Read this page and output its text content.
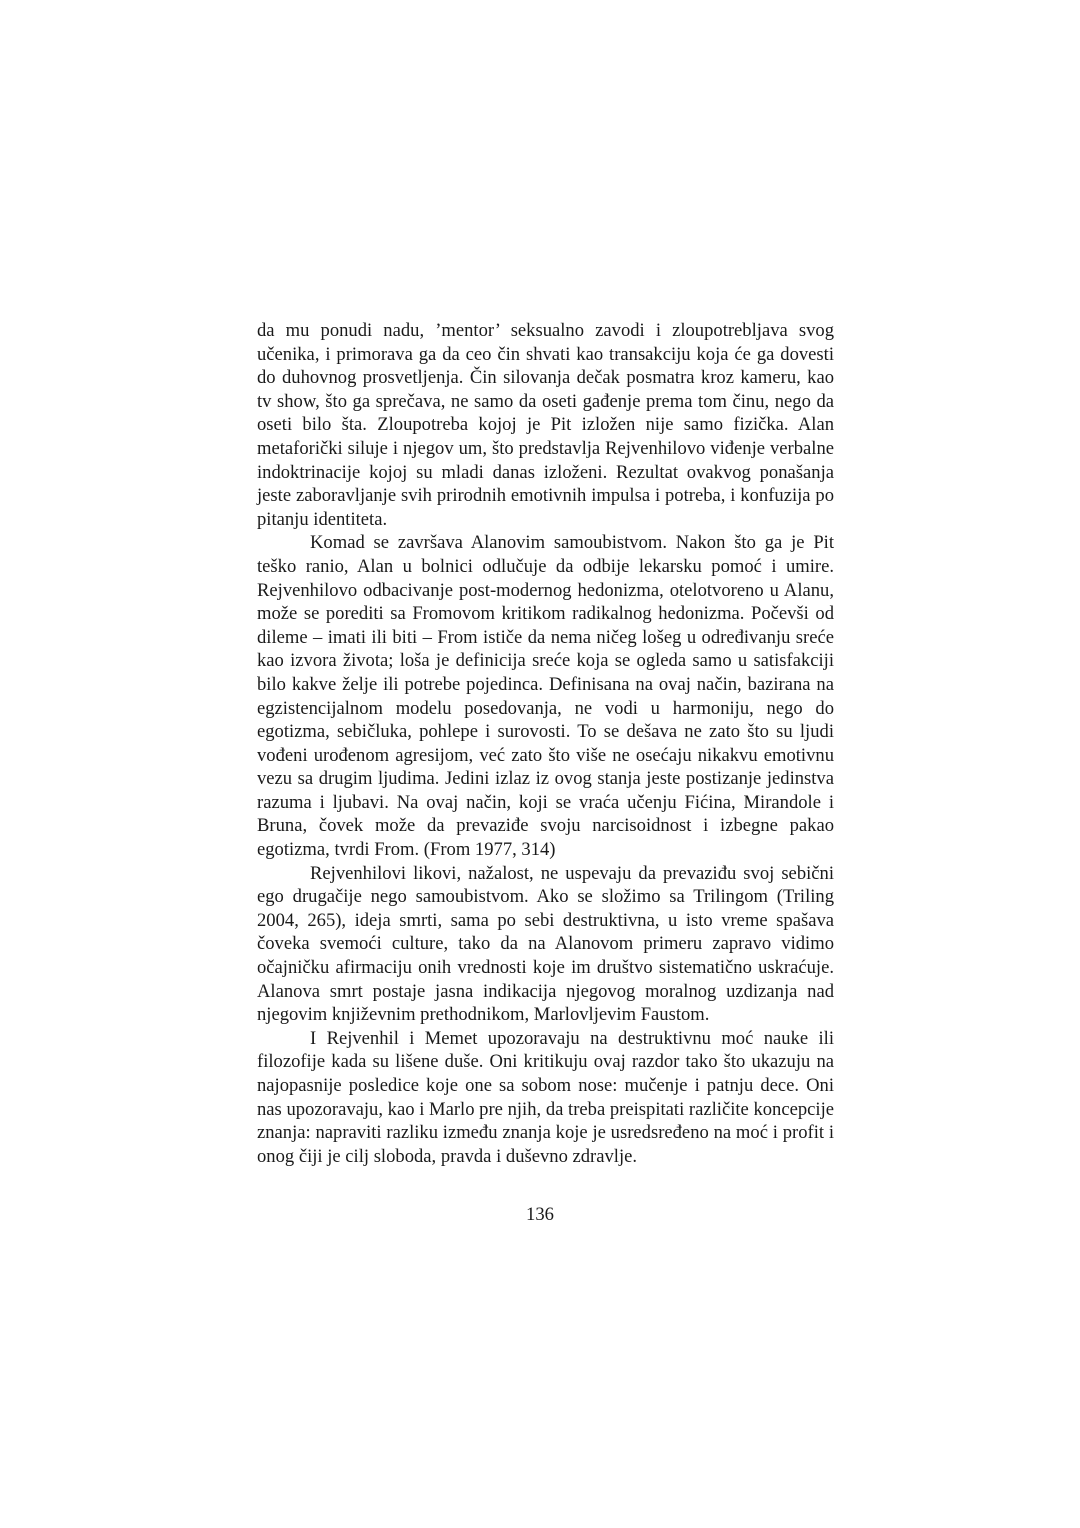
da mu ponudi nadu, ’mentor’ seksualno zavodi i zloupotrebljava svog učenika, i primorava ga da ceo čin shvati kao transakciju koja će ga dovesti do duhovnog prosvetljenja. Čin silovanja dečak posmatra kroz kameru, kao tv show, što ga sprečava, ne samo da oseti gađenje prema tom činu, nego da oseti bilo šta. Zloupotreba kojoj je Pit izložen nije samo fizička. Alan metaforički siluje i njegov um, što predstavlja Rejvenhilovo viđenje verbalne indoktrinacije kojoj su mladi danas izloženi. Rezultat ovakvog ponašanja jeste zaboravljanje svih prirodnih emotivnih impulsa i potreba, i konfuzija po pitanju identiteta.

Komad se završava Alanovim samoubistvom. Nakon što ga je Pit teško ranio, Alan u bolnici odlučuje da odbije lekarsku pomoć i umire. Rejvenhilovo odbacivanje post-modernog hedonizma, otelotvoreno u Alanu, može se porediti sa Fromovom kritikom radikalnog hedonizma. Počevši od dileme – imati ili biti – From ističe da nema ničeg lošeg u određivanju sreće kao izvora života; loša je definicija sreće koja se ogleda samo u satisfakciji bilo kakve želje ili potrebe pojedinca. Definisana na ovaj način, bazirana na egzistencijalnom modelu posedovanja, ne vodi u harmoniju, nego do egotizma, sebičluka, pohlepe i surovosti. To se dešava ne zato što su ljudi vođeni urođenom agresijom, već zato što više ne osećaju nikakvu emotivnu vezu sa drugim ljudima. Jedini izlaz iz ovog stanja jeste postizanje jedinstva razuma i ljubavi. Na ovaj način, koji se vraća učenju Fićina, Mirandole i Bruna, čovek može da prevaziđe svoju narcisoidnost i izbegne pakao egotizma, tvrdi From. (From 1977, 314)

Rejvenhilovi likovi, nažalost, ne uspevaju da prevaziđu svoj sebični ego drugačije nego samoubistvom. Ako se složimo sa Trilingom (Triling 2004, 265), ideja smrti, sama po sebi destruktivna, u isto vreme spašava čoveka svemoći culture, tako da na Alanovom primeru zapravo vidimo očajničku afirmaciju onih vrednosti koje im društvo sistematično uskraćuje. Alanova smrt postaje jasna indikacija njegovog moralnog uzdizanja nad njegovim književnim prethodnikom, Marlovljevim Faustom.

I Rejvenhil i Memet upozoravaju na destruktivnu moć nauke ili filozofije kada su lišene duše. Oni kritikuju ovaj razdor tako što ukazuju na najopasnije posledice koje one sa sobom nose: mučenje i patnju dece. Oni nas upozoravaju, kao i Marlo pre njih, da treba preispitati različite koncepcije znanja: napraviti razliku između znanja koje je usredsređeno na moć i profit i onog čiji je cilj sloboda, pravda i duševno zdravlje.

136
